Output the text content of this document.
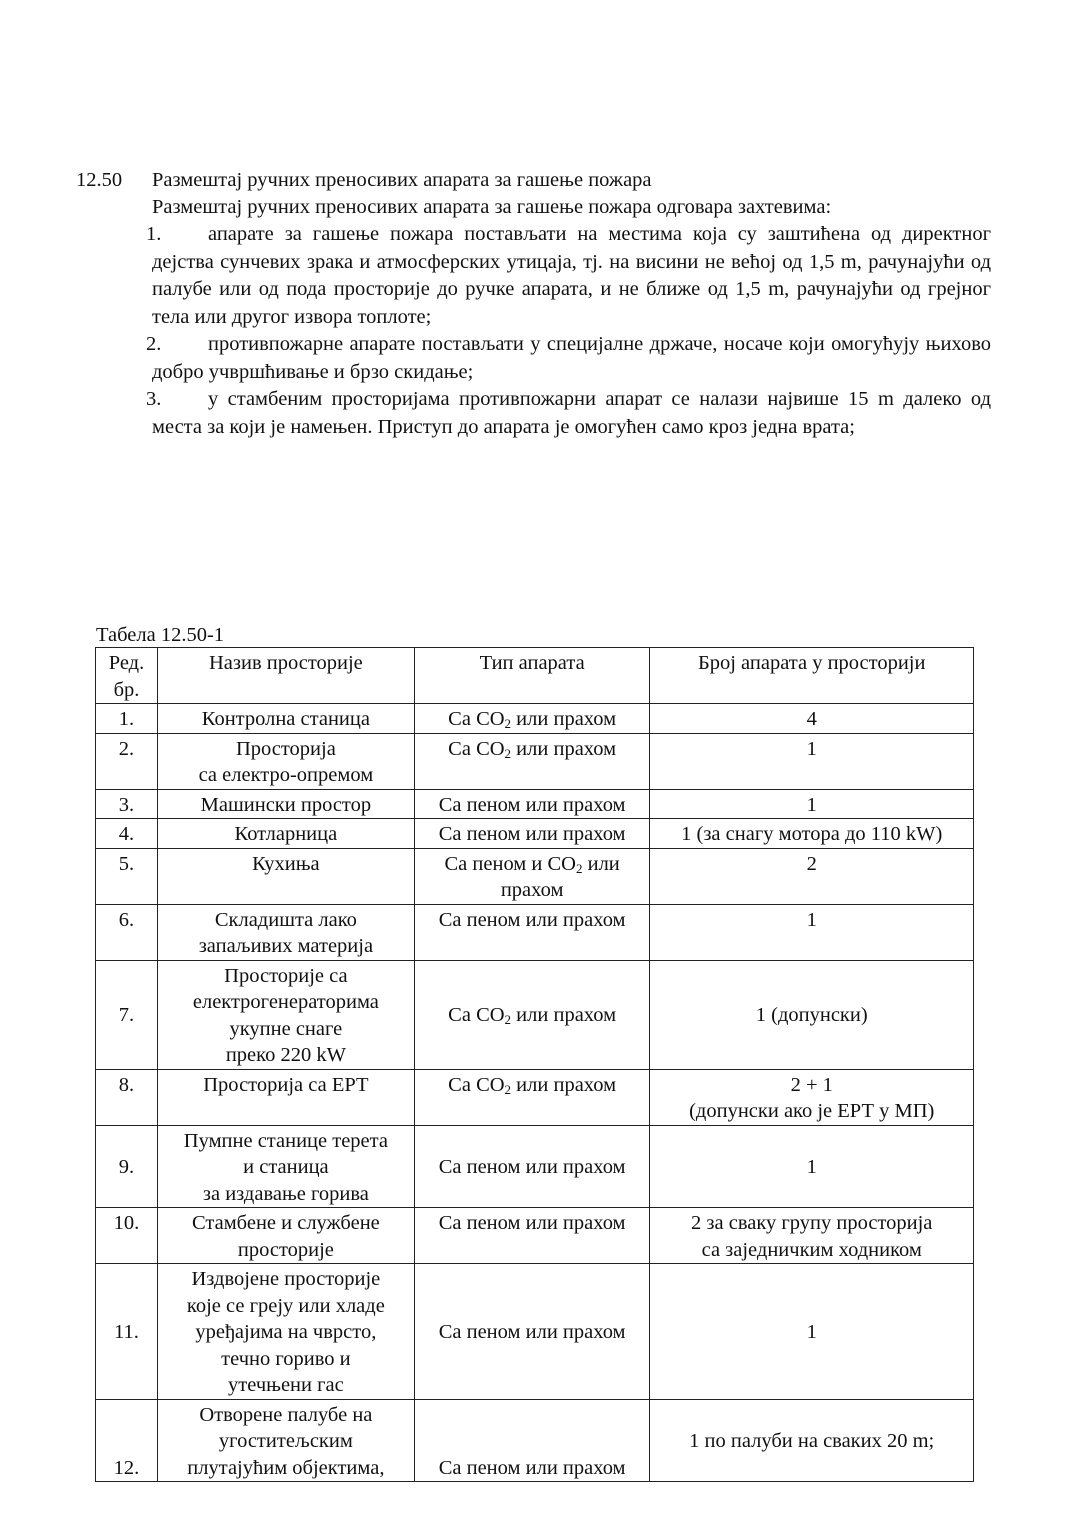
12.50 Размештај ручних преносивих апарата за гашење пожара
Размештај ручних преносивих апарата за гашење пожара одговара захтевима:
1. апарате за гашење пожара постављати на местима која су заштићена од директног дејства сунчевих зрака и атмосферских утицаја, тј. на висини не већој од 1,5 m, рачунајући од палубе или од пода просторије до ручке апарата, и не ближе од 1,5 m, рачунајући од грејног тела или другог извора топлоте;
2. противпожарне апарате постављати у специјалне држаче, носаче који омогућују њихово добро учвршћивање и брзо скидање;
3. у стамбеним просторијама противпожарни апарат се налази највише 15 m далеко од места за који је намењен. Приступ до апарата је омогућен само кроз једна врата;
Табела 12.50-1
Ред.
бр.	Назив просторије	Тип апарата	Број апарата у просторији
1.	Контролна станица	Са $CO_2$ или прахом	4

2.	Просторија
са електро-опремом	Са $CO_2$ или прахом	1

3.	Машински простор	Са пеном или прахом	1

4.	Котларница	Са пеном или прахом	1 (за снагу мотора до 110 kW)

5.	Кухиња	Са пеном и $CO_2$ или
прахом	2

6.	Складишта лако
запаљивих материја	Са пеном или прахом	1

7.	Просторије са
електрогенераторима
укупне снаге
преко 220 kW	Са $CO_2$ или прахом	1 (допунски)

8.	Просторија са ЕРТ	Са $CO_2$ или прахом	2 + 1
(допунски ако је ЕРТ у МП)

9.	Пумпне станице терета
и станица
за издавање горива	Са пеном или прахом	1

10.	Стамбене и службене
просторије	Са пеном или прахом	2 за сваку групу просторија
са заједничким ходником

11.	Издвојене просторије
које се грeју или хладе
уређајима на чврсто,
течно гориво и
утечњени гас	Са пеном или прахом	1

12.	Отворене палубе на
угоститељским
плутајућим објектима,	Са пеном или прахом	1 по палуби на сваких 20 m;
